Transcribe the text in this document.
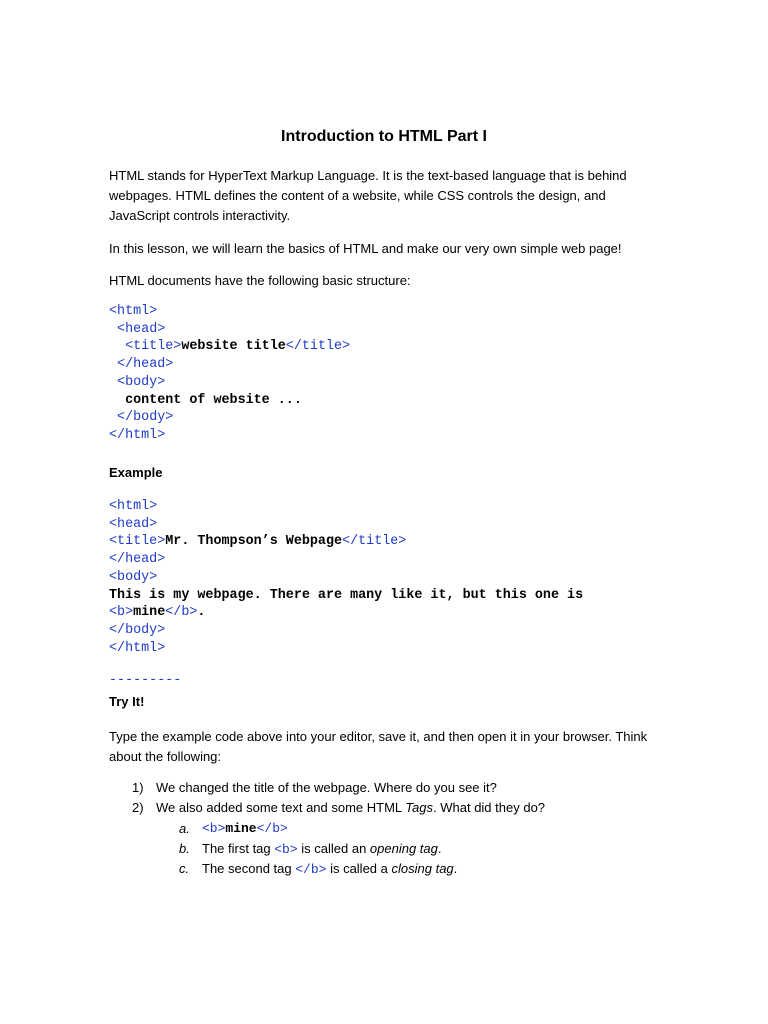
Introduction to HTML Part I
HTML stands for HyperText Markup Language. It is the text-based language that is behind
webpages. HTML defines the content of a website, while CSS controls the design, and
JavaScript controls interactivity.
In this lesson, we will learn the basics of HTML and make our very own simple web page!
HTML documents have the following basic structure:
<html>
<head>
<title>website title</title>
</head>
<body>
content of website ...
</body>
</html>
Example
<html>
<head>
<title>Mr. Thompson’s Webpage</title>
</head>
<body>
This is my webpage. There are many like it, but this one is
<b>mine</b>.
</body>
</html>
---------
Try It!
Type the example code above into your editor, save it, and then open it in your browser. Think
about the following:
1) We changed the title of the webpage. Where do you see it?
2) We also added some text and some HTML Tags. What did they do?
a. <b>mine</b>
b. The first tag <b> is called an opening tag.
c. The second tag </b> is called a closing tag.
